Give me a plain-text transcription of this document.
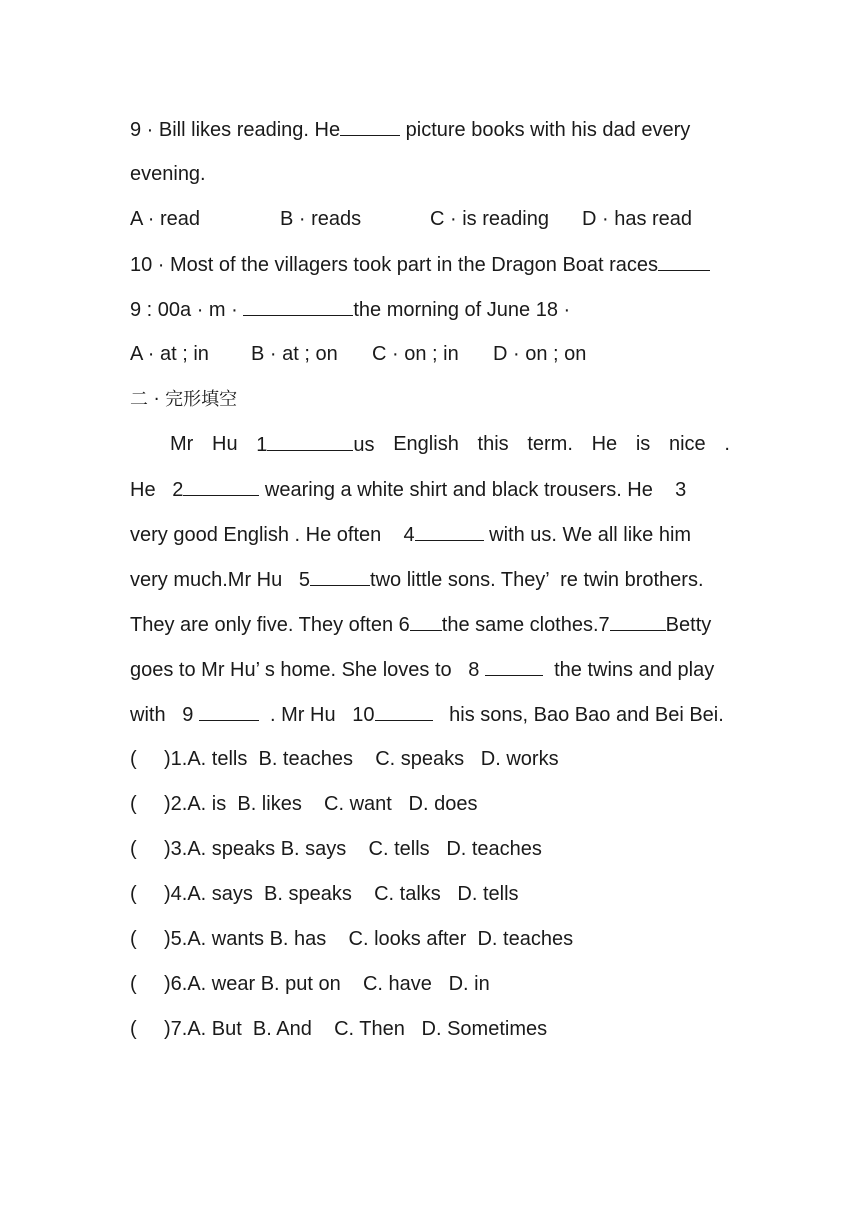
9 · Bill likes reading. He	picture books with his dad every
evening.
A · read	B · reads	C · is reading D · has read
10 · Most of the villagers took part in the Dragon Boat races
9 : 00a · m ·	the morning of June 18 ·
A · at ; in B · at ; on C · on ; in D · on ; on
二 · 完形填空
Mr Hu 1	us English this term. He is nice .
He   2	wearing a white shirt and black trousers. He    3
very good English . He often    4	with us. We all like him
very much.Mr Hu   5	two little sons. They’  re twin brothers.
They are only five. They often 6 the same clothes.7	Betty
goes to Mr Hu’ s home. She loves to   8	the twins and play
with   9	. Mr Hu   10	his sons, Bao Bao and Bei Bei.
( )1.A. tells  B. teaches    C. speaks   D. works
( )2.A. is  B. likes    C. want   D. does
( )3.A. speaks B. says    C. tells   D. teaches
( )4.A. says  B. speaks    C. talks   D. tells
( )5.A. wants B. has    C. looks after  D. teaches
( )6.A. wear B. put on    C. have   D. in
( )7.A. But  B. And    C. Then   D. Sometimes
